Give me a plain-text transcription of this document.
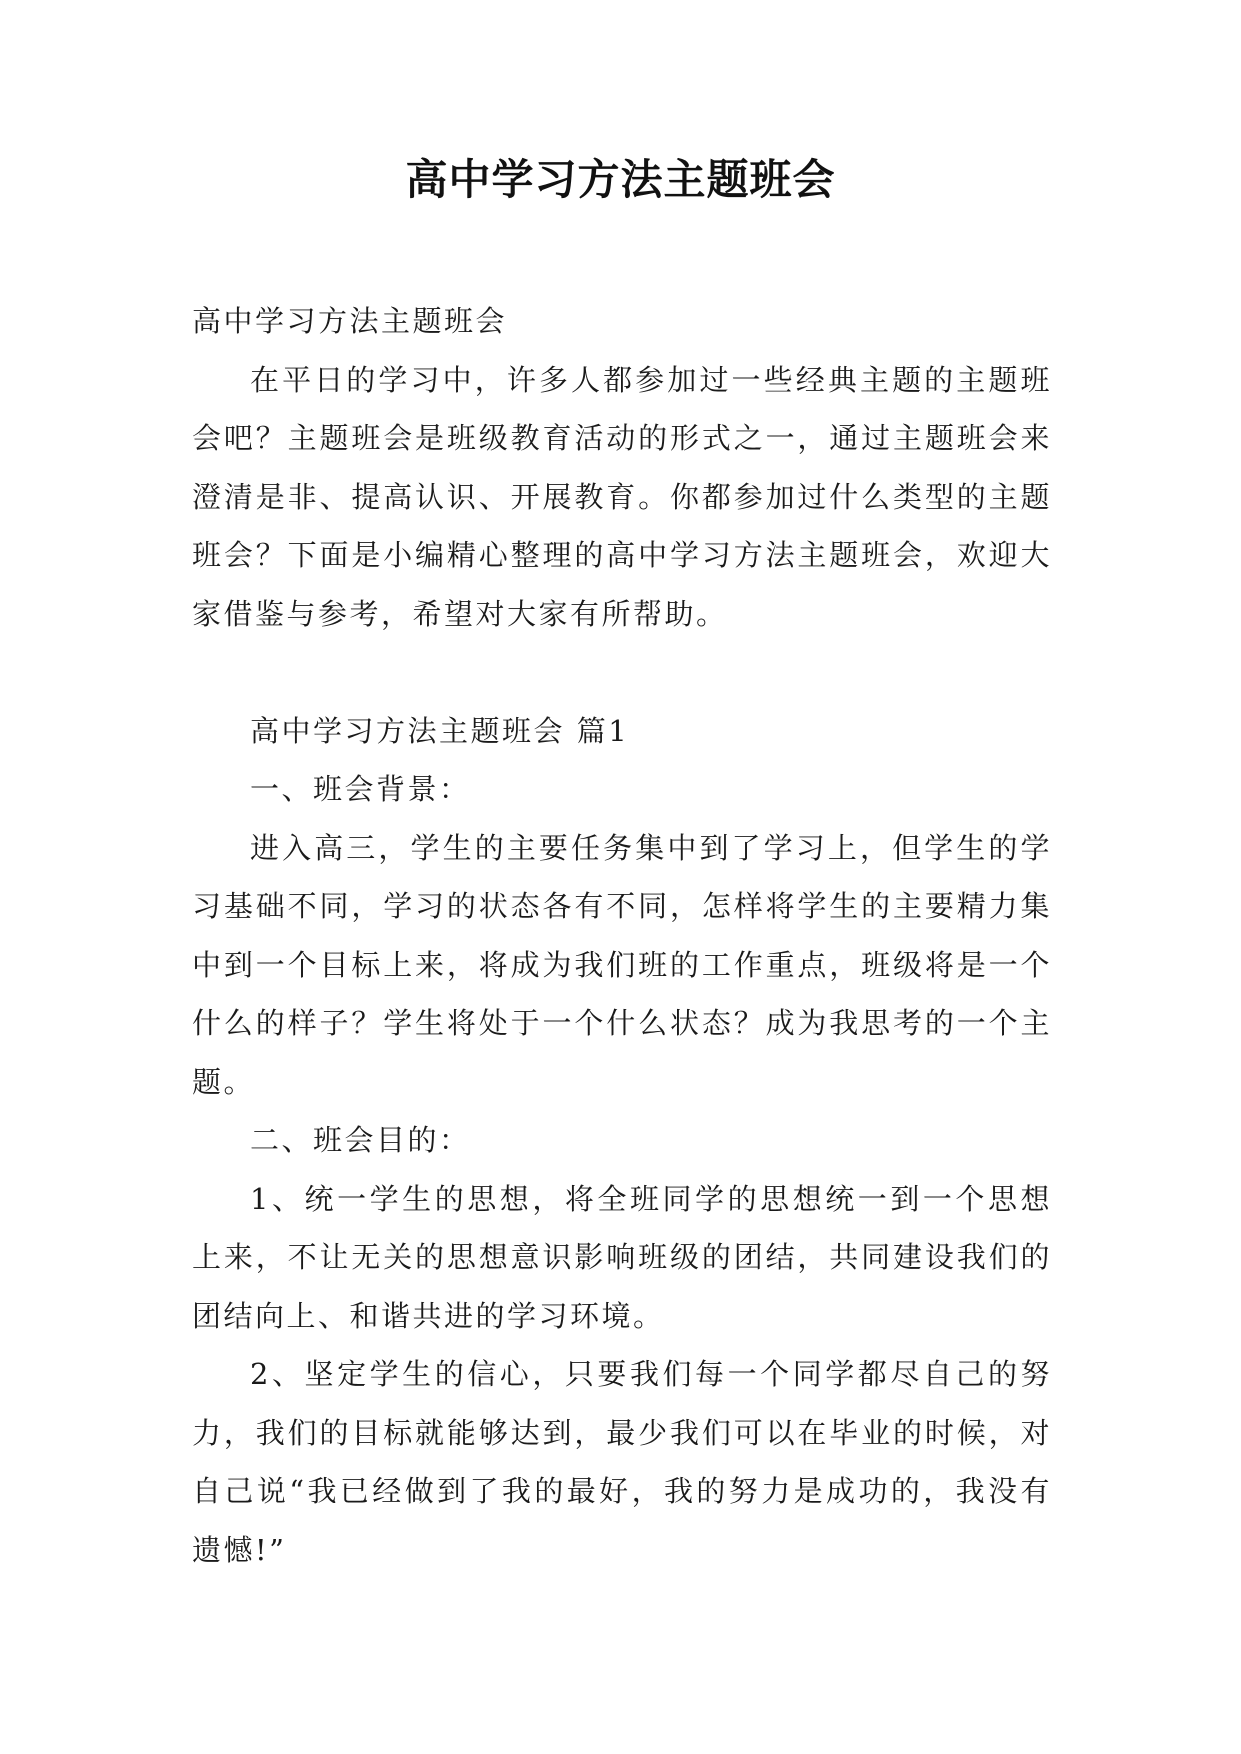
高中学习方法主题班会

高中学习方法主题班会

在平日的学习中，许多人都参加过一些经典主题的主题班会吧？主题班会是班级教育活动的形式之一，通过主题班会来澄清是非、提高认识、开展教育。你都参加过什么类型的主题班会？下面是小编精心整理的高中学习方法主题班会，欢迎大家借鉴与参考，希望对大家有所帮助。

高中学习方法主题班会 篇1

一、班会背景：

进入高三，学生的主要任务集中到了学习上，但学生的学习基础不同，学习的状态各有不同，怎样将学生的主要精力集中到一个目标上来，将成为我们班的工作重点，班级将是一个什么的样子？学生将处于一个什么状态？成为我思考的一个主题。

二、班会目的：

1、统一学生的思想，将全班同学的思想统一到一个思想上来，不让无关的思想意识影响班级的团结，共同建设我们的团结向上、和谐共进的学习环境。

2、坚定学生的信心，只要我们每一个同学都尽自己的努力，我们的目标就能够达到，最少我们可以在毕业的时候，对自己说“我已经做到了我的最好，我的努力是成功的，我没有遗憾!”
